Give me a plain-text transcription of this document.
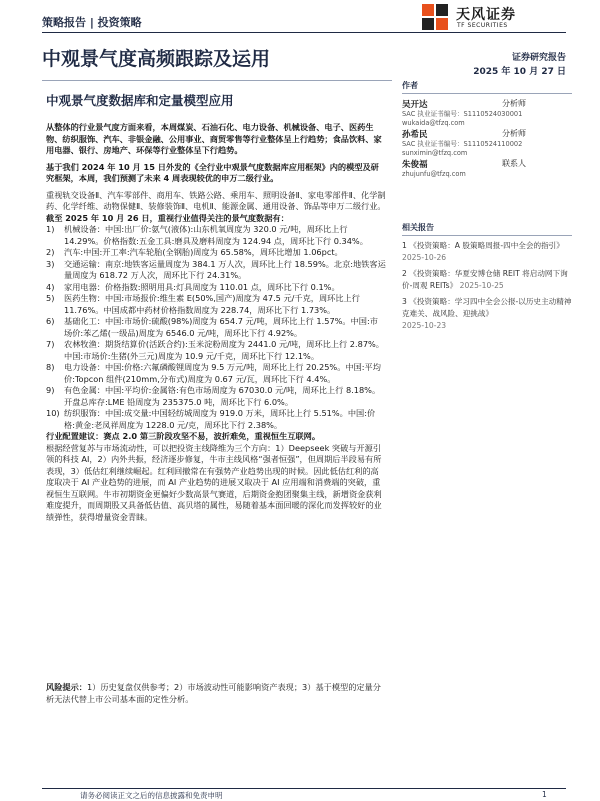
策略报告 | 投资策略	天风证券
TF SECURITIES
中观景气度高频跟踪及运用	证券研究报告
2025 年 10 月 27 日
中观景气度数据库和定量模型应用

从整体的行业景气度方面来看，本周煤炭、石油石化、电力设备、机械设备、电子、医药生物、纺织服饰、汽车、非银金融、公用事业、商贸零售等行业整体呈上行趋势；食品饮料、家用电器、银行、房地产、环保等行业整体呈下行趋势。

基于我们 2024 年 10 月 15 日外发的《全行业中观景气度数据库应用框架》内的模型及研究框架，本周，我们预测了未来 4 周表现较优的申万二级行业。

重视轨交设备Ⅱ、汽车零部件、商用车、铁路公路、乘用车、照明设备Ⅱ、家电零部件Ⅱ、化学制药、化学纤维、动物保健Ⅱ、装修装饰Ⅱ、电机Ⅱ、能源金属、通用设备、饰品等申万二级行业。

截至 2025 年 10 月 26 日，重视行业值得关注的景气度数据有：

1) 机械设备：中国:出厂价:氨气(液体):山东机氧周度为 320.0 元/吨，周环比上行 14.29%。价格指数:五金工具:磨具及磨料周度为 124.94 点，周环比下行 0.34%。
2) 汽车:中国:开工率:汽车轮胎(全钢胎)周度为 65.58%，周环比增加 1.06pct。
3) 交通运输：南京:地铁客运量周度为 384.1 万人次，周环比上行 18.59%。北京:地铁客运量周度为 618.72 万人次，周环比下行 24.31%。
4) 家用电器：价格指数:照明用具:灯具周度为 110.01 点，周环比下行 0.1%。
5) 医药生物：中国:市场报价:维生素 E(50%,国产)周度为 47.5 元/千克，周环比上行 11.76%。中国成都中药材价格指数周度为 228.74，周环比下行 1.73%。
6) 基础化工：中国:市场价:硫酸(98%)周度为 654.7 元/吨，周环比上行 1.57%。中国:市场价:苯乙烯(一级品)周度为 6546.0 元/吨，周环比下行 4.92%。
7) 农林牧渔：期货结算价(活跃合约):玉米淀粉周度为 2441.0 元/吨，周环比上行 2.87%。中国:市场价:生猪(外三元)周度为 10.9 元/千克，周环比下行 12.1%。
8) 电力设备：中国:价格:六氟磷酸锂周度为 9.5 万元/吨，周环比上行 20.25%。中国:平均价:Topcon 组件(210mm,分布式)周度为 0.67 元/瓦，周环比下行 4.4%。
9) 有色金属：中国:平均价:金属铬:有色市场周度为 67030.0 元/吨，周环比上行 8.18%。开盘总库存:LME 铅周度为 235375.0 吨，周环比下行 6.0%。
10) 纺织服饰：中国:成交量:中国轻纺城周度为 919.0 万米，周环比上行 5.51%。中国:价格:黄金:老凤祥周度为 1228.0 元/克，周环比下行 2.38%。

行业配置建议：赛点 2.0 第三阶段攻坚不易，波折难免，重视恒生互联网。

根据经营复苏与市场流动性，可以把投资主线降维为三个方向：1）Deepseek 突破与开源引领的科技 AI，2）内外共振，经济逐步修复，牛市主线风格“强者恒强”，但周期后半段易有所表现，3）低估红利继续崛起。红利回撤常在有强势产业趋势出现的时候。因此低估红利的高度取决于 AI 产业趋势的进展，而 AI 产业趋势的进展又取决于 AI 应用端和消费端的突破，重视恒生互联网。牛市初期资金更偏好少数高景气赛道，后期资金抱团聚集主线，新增资金获利难度提升，而周期股又具备低估值、高贝塔的属性，易随着基本面回暖的深化而发挥较好的业绩弹性，获得增量资金青睐。

风险提示：1）历史复盘仅供参考；2）市场波动性可能影响资产表现；3）基于模型的定量分析无法代替上市公司基本面的定性分析。
作者
吴开达	分析师
SAC 执业证书编号：S1110524030001
wukaida@tfzq.com
孙希民	分析师
SAC 执业证书编号：S1110524110002
sunximin@tfzq.com
朱俊福	联系人
zhujunfu@tfzq.com
相关报告
1 《投资策略：A 股策略周报-四中全会的指引》 2025-10-26
2 《投资策略：华夏安博仓储 REIT 将启动网下询价-周观 REITs》 2025-10-25
3 《投资策略：学习四中全会公报-以历史主动精神克难关、战风险、迎挑战》
2025-10-23
请务必阅读正文之后的信息披露和免责申明	1
